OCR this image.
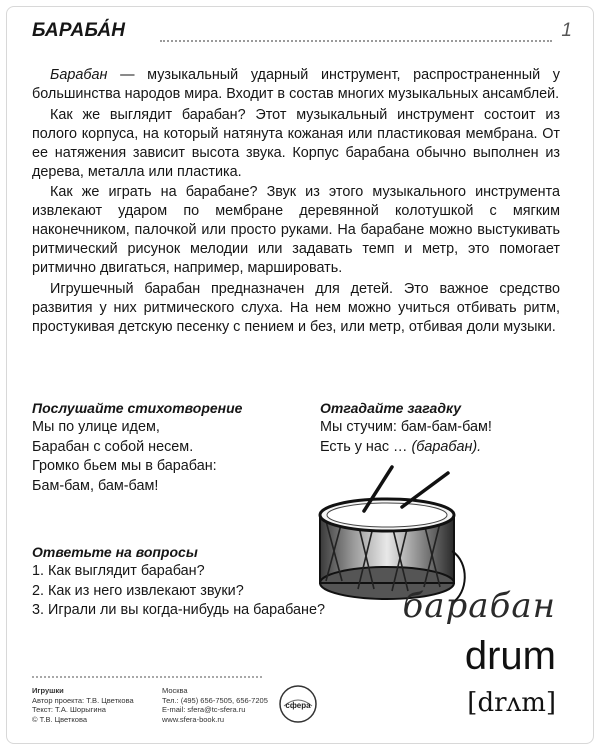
БАРАБА́Н	1

Барабан — музыкальный ударный инструмент, распространенный у большинства народов мира. Входит в состав многих музыкальных ансамблей.

Как же выглядит барабан? Этот музыкальный инструмент состоит из полого корпуса, на который натянута кожаная или пластиковая мембрана. От ее натяжения зависит высота звука. Корпус барабана обычно выполнен из дерева, металла или пластика.

Как же играть на барабане? Звук из этого музыкального инструмента извлекают ударом по мембране деревянной колотушкой с мягким наконечником, палочкой или просто руками. На барабане можно выстукивать ритмический рисунок мелодии или задавать темп и метр, это помогает ритмично двигаться, например, маршировать.

Игрушечный барабан предназначен для детей. Это важное средство развития у них ритмического слуха. На нем можно учиться отбивать ритм, простукивая детскую песенку с пением и без, или метр, отбивая доли музыки.

Послушайте стихотворение
Мы по улице идем,
Барабан с собой несем.
Громко бьем мы в барабан:
Бам-бам, бам-бам!
Отгадайте загадку
Мы стучим: бам-бам-бам!
Есть у нас … (барабан).
Ответьте на вопросы
1. Как выглядит барабан?
2. Как из него извлекают звуки?
3. Играли ли вы когда-нибудь на барабане?	барабан
drum
[drʌm]
Игрушки
Автор проекта: Т.В. Цветкова
Текст: Т.А. Шорыгина
© Т.В. Цветкова
Москва
Тел.: (495) 656-7505, 656-7205
E-mail: sfera@tc-sfera.ru
www.sfera-book.ru
сфера
